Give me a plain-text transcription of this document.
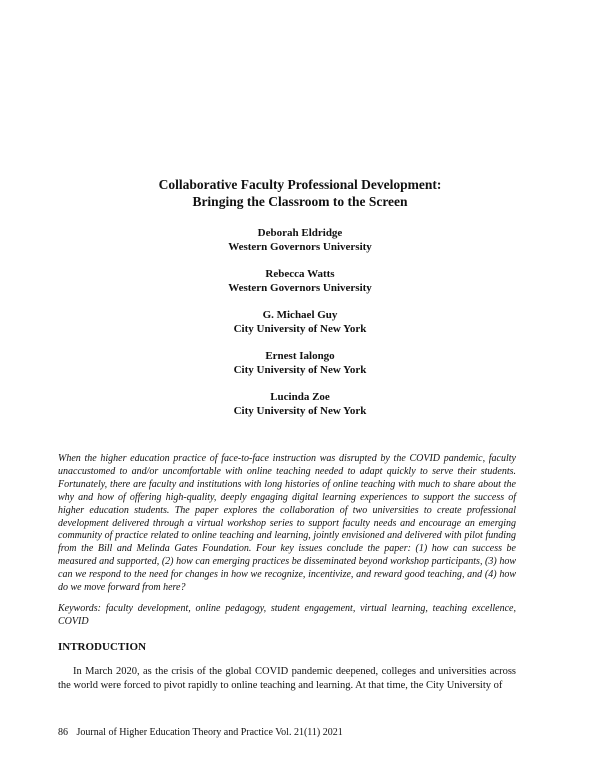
Collaborative Faculty Professional Development:
Bringing the Classroom to the Screen
Deborah Eldridge
Western Governors University
Rebecca Watts
Western Governors University
G. Michael Guy
City University of New York
Ernest Ialongo
City University of New York
Lucinda Zoe
City University of New York

When the higher education practice of face-to-face instruction was disrupted by the COVID pandemic, faculty unaccustomed to and/or uncomfortable with online teaching needed to adapt quickly to serve their students. Fortunately, there are faculty and institutions with long histories of online teaching with much to share about the why and how of offering high-quality, deeply engaging digital learning experiences to support the success of higher education students. The paper explores the collaboration of two universities to create professional development delivered through a virtual workshop series to support faculty needs and encourage an emerging community of practice related to online teaching and learning, jointly envisioned and delivered with pilot funding from the Bill and Melinda Gates Foundation. Four key issues conclude the paper: (1) how can success be measured and supported, (2) how can emerging practices be disseminated beyond workshop participants, (3) how can we respond to the need for changes in how we recognize, incentivize, and reward good teaching, and (4) how do we move forward from here?

Keywords: faculty development, online pedagogy, student engagement, virtual learning, teaching excellence, COVID

INTRODUCTION

In March 2020, as the crisis of the global COVID pandemic deepened, colleges and universities across the world were forced to pivot rapidly to online teaching and learning. At that time, the City University of

86 Journal of Higher Education Theory and Practice Vol. 21(11) 2021
